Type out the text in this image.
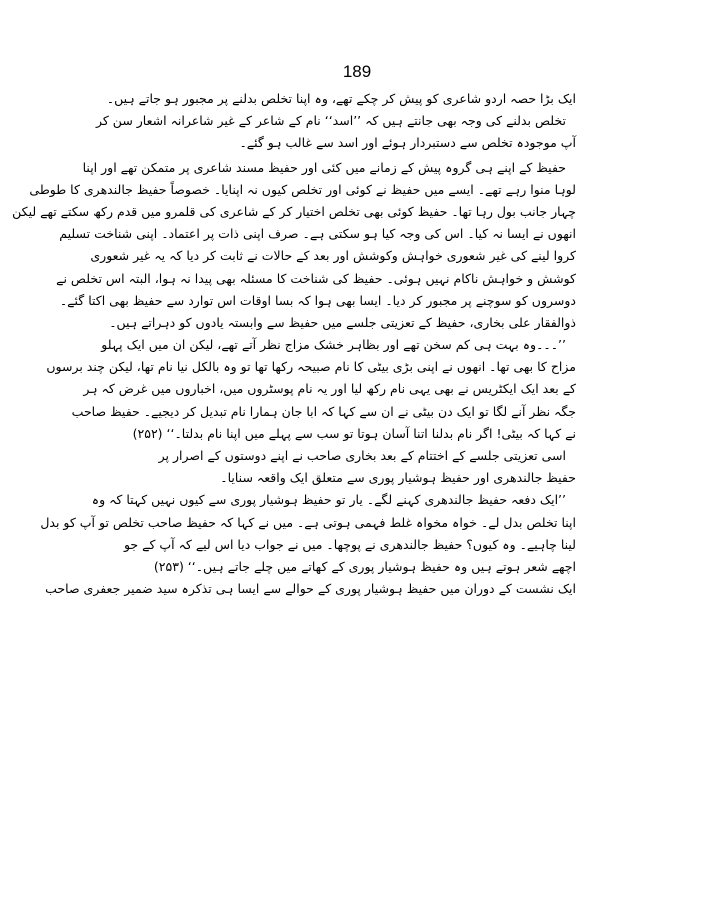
189
ایک بڑا حصہ اردو شاعری کو پیش کر چکے تھے، وہ اپنا تخلص بدلنے پر مجبور ہو جاتے ہیں۔
تخلص بدلنے کی وجہ بھی جانتے ہیں کہ ’’اسد‘‘ نام کے شاعر کے غیر شاعرانہ اشعار سن کر
آپ موجودہ تخلص سے دستبردار ہوئے اور اسد سے غالب ہو گئے۔
حفیظ کے اپنے ہی گروہ پیش کے زمانے میں کئی اور حفیظ مسند شاعری پر متمکن تھے اور اپنا
لوہا منوا رہے تھے۔ ایسے میں حفیظ نے کوئی اور تخلص کیوں نہ اپنایا۔ خصوصاً حفیظ جالندھری کا طوطی
چہار جانب بول رہا تھا۔ حفیظ کوئی بھی تخلص اختیار کر کے شاعری کی قلمرو میں قدم رکھ سکتے تھے لیکن
انھوں نے ایسا نہ کیا۔ اس کی وجہ کیا ہو سکتی ہے۔ صرف اپنی ذات پر اعتماد۔ اپنی شناخت تسلیم
کروا لینے کی غیر شعوری خواہش وکوشش اور بعد کے حالات نے ثابت کر دیا کہ یہ غیر شعوری
کوشش و خواہش ناکام نہیں ہوئی۔ حفیظ کی شناخت کا مسئلہ بھی پیدا نہ ہوا، البتہ اس تخلص نے
دوسروں کو سوچنے پر مجبور کر دیا۔ ایسا بھی ہوا کہ بسا اوقات اس توارد سے حفیظ بھی اکتا گئے۔
ذوالفقار علی بخاری، حفیظ کے تعزیتی جلسے میں حفیظ سے وابستہ یادوں کو دہراتے ہیں۔
’’۔۔۔وہ بہت ہی کم سخن تھے اور بظاہر خشک مزاج نظر آتے تھے، لیکن ان میں ایک پہلو
مزاح کا بھی تھا۔ انھوں نے اپنی بڑی بیٹی کا نام صبیحہ رکھا تھا تو وہ بالکل نیا نام تھا، لیکن چند برسوں
کے بعد ایک ایکٹریس نے بھی یہی نام رکھ لیا اور یہ نام پوسٹروں میں، اخباروں میں غرض کہ ہر
جگہ نظر آنے لگا تو ایک دن بیٹی نے ان سے کہا کہ ابا جان ہمارا نام تبدیل کر دیجیے۔ حفیظ صاحب
نے کہا کہ بیٹی! اگر نام بدلنا اتنا آسان ہوتا تو سب سے پہلے میں اپنا نام بدلتا۔‘‘ (۲۵۲)
اسی تعزیتی جلسے کے اختتام کے بعد بخاری صاحب نے اپنے دوستوں کے اصرار پر
حفیظ جالندھری اور حفیظ ہوشیار پوری سے متعلق ایک واقعہ سنایا۔
’’ایک دفعہ حفیظ جالندھری کہنے لگے۔ یار تو حفیظ ہوشیار پوری سے کیوں نہیں کہتا کہ وہ
اپنا تخلص بدل لے۔ خواہ مخواہ غلط فہمی ہوتی ہے۔ میں نے کہا کہ حفیظ صاحب تخلص تو آپ کو بدل
لینا چاہیے۔ وہ کیوں؟ حفیظ جالندھری نے پوچھا۔ میں نے جواب دیا اس لیے کہ آپ کے جو
اچھے شعر ہوتے ہیں وہ حفیظ ہوشیار پوری کے کھاتے میں چلے جاتے ہیں۔‘‘ (۲۵۳)
ایک نشست کے دوران میں حفیظ ہوشیار پوری کے حوالے سے ایسا ہی تذکرہ سید ضمیر جعفری صاحب
